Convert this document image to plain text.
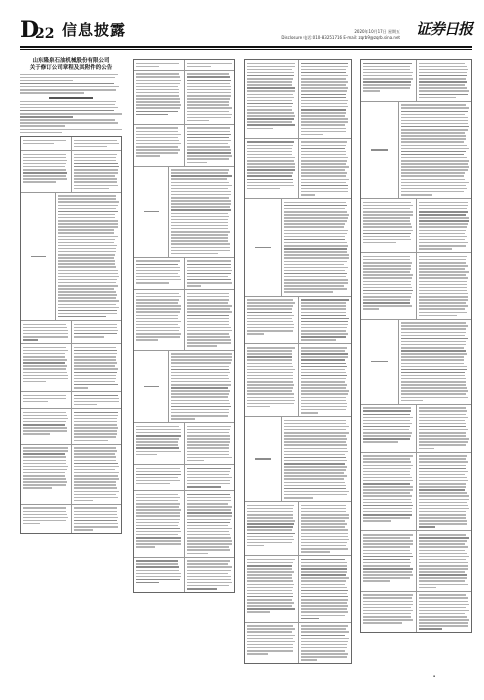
D
22 信息披露	2020年10月17日 星期五
Disclosure 电话:010-83251716 E-mail: zqrb9@zqrb.sina.net 证券日报
山东隆泉石油机械股份有限公司
关于修订公司章程及其附件的公告
▪
